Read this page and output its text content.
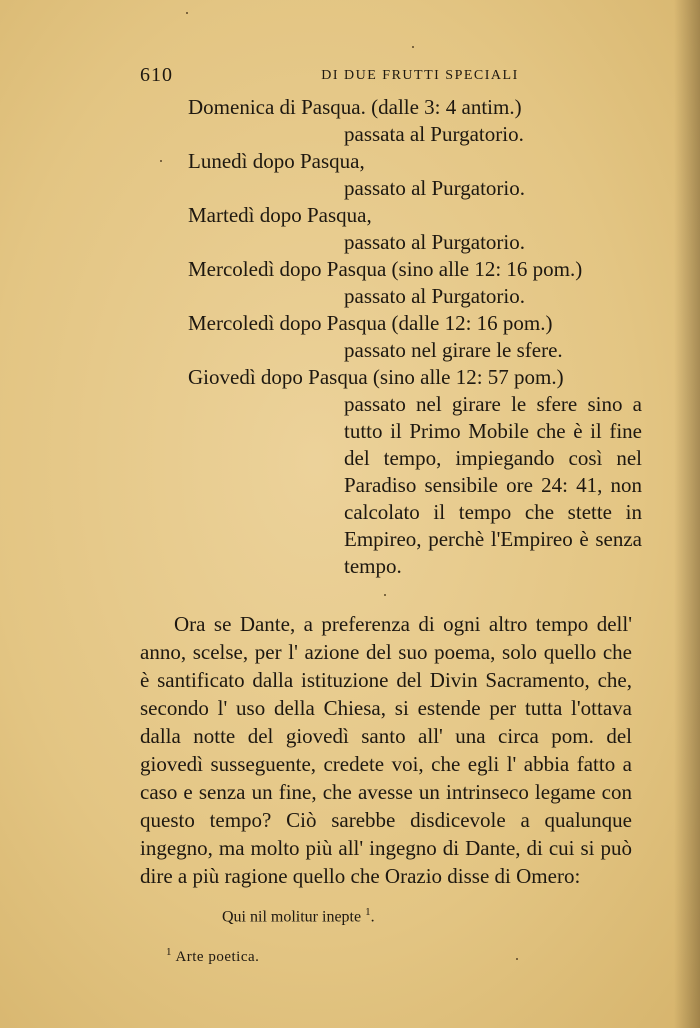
610	DI DUE FRUTTI SPECIALI
Domenica di Pasqua. (dalle 3: 4 antim.)
passata al Purgatorio.
Lunedì dopo Pasqua,
passato al Purgatorio.
Martedì dopo Pasqua,
passato al Purgatorio.
Mercoledì dopo Pasqua (sino alle 12: 16 pom.)
passato al Purgatorio.
Mercoledì dopo Pasqua (dalle 12: 16 pom.)
passato nel girare le sfere.
Giovedì dopo Pasqua (sino alle 12: 57 pom.)
passato nel girare le sfere sino a tutto il Primo Mobile che è il fine del tempo, impiegando così nel Paradiso sensibile ore 24: 41, non calcolato il tempo che stette in Empireo, perchè l'Empireo è senza tempo.

Ora se Dante, a preferenza di ogni altro tempo dell' anno, scelse, per l' azione del suo poema, solo quello che è santificato dalla istituzione del Divin Sacramento, che, secondo l' uso della Chiesa, si estende per tutta l'ottava dalla notte del giovedì santo all' una circa pom. del giovedì susseguente, credete voi, che egli l' abbia fatto a caso e senza un fine, che avesse un intrinseco legame con questo tempo? Ciò sarebbe disdicevole a qualunque ingegno, ma molto più all' ingegno di Dante, di cui si può dire a più ragione quello che Orazio disse di Omero:

Qui nil molitur inepte $^1$.

$^1$ Arte poetica.
